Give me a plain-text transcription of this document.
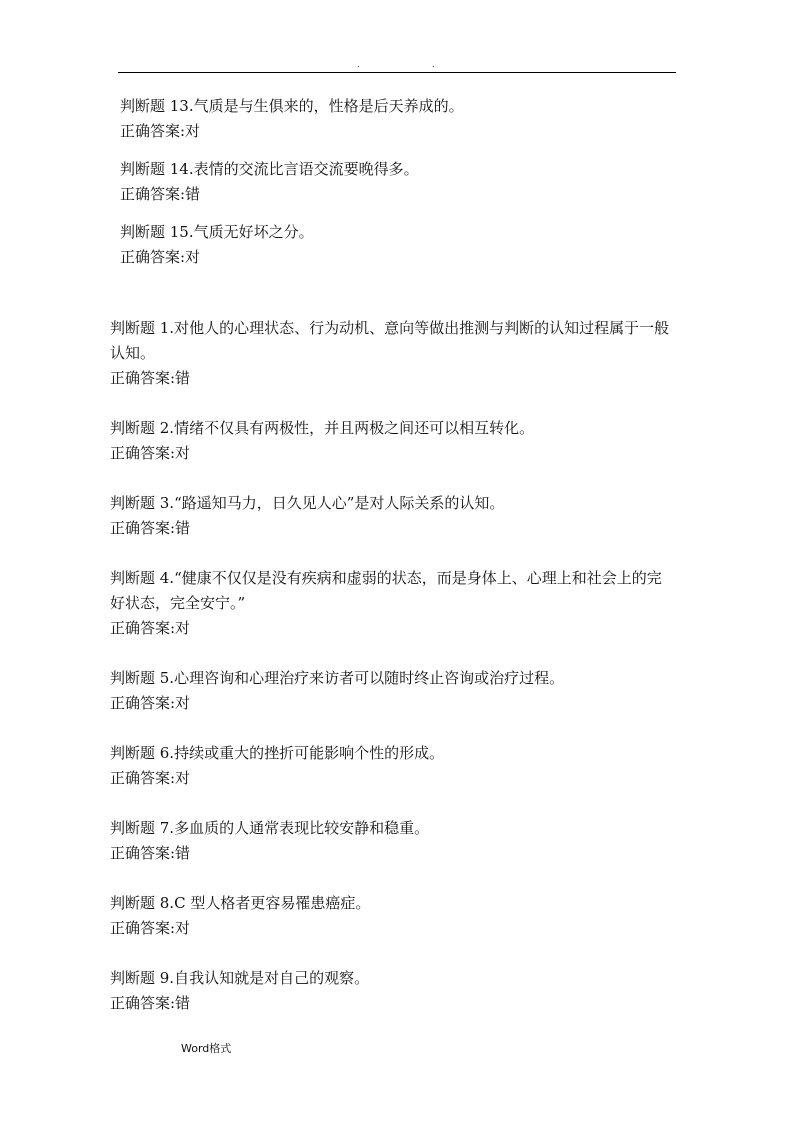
.	.
判断题 13.气质是与生俱来的，性格是后天养成的。
正确答案:对
判断题 14.表情的交流比言语交流要晚得多。
正确答案:错
判断题 15.气质无好坏之分。
正确答案:对
判断题 1.对他人的心理状态、行为动机、意向等做出推测与判断的认知过程属于一般认知。
正确答案:错
判断题 2.情绪不仅具有两极性，并且两极之间还可以相互转化。
正确答案:对
判断题 3.“路遥知马力，日久见人心”是对人际关系的认知。
正确答案:错
判断题 4.“健康不仅仅是没有疾病和虚弱的状态，而是身体上、心理上和社会上的完好状态，完全安宁。”
正确答案:对
判断题 5.心理咨询和心理治疗来访者可以随时终止咨询或治疗过程。
正确答案:对
判断题 6.持续或重大的挫折可能影响个性的形成。
正确答案:对
判断题 7.多血质的人通常表现比较安静和稳重。
正确答案:错
判断题 8.C 型人格者更容易罹患癌症。
正确答案:对
判断题 9.自我认知就是对自己的观察。
正确答案:错
Word格式
